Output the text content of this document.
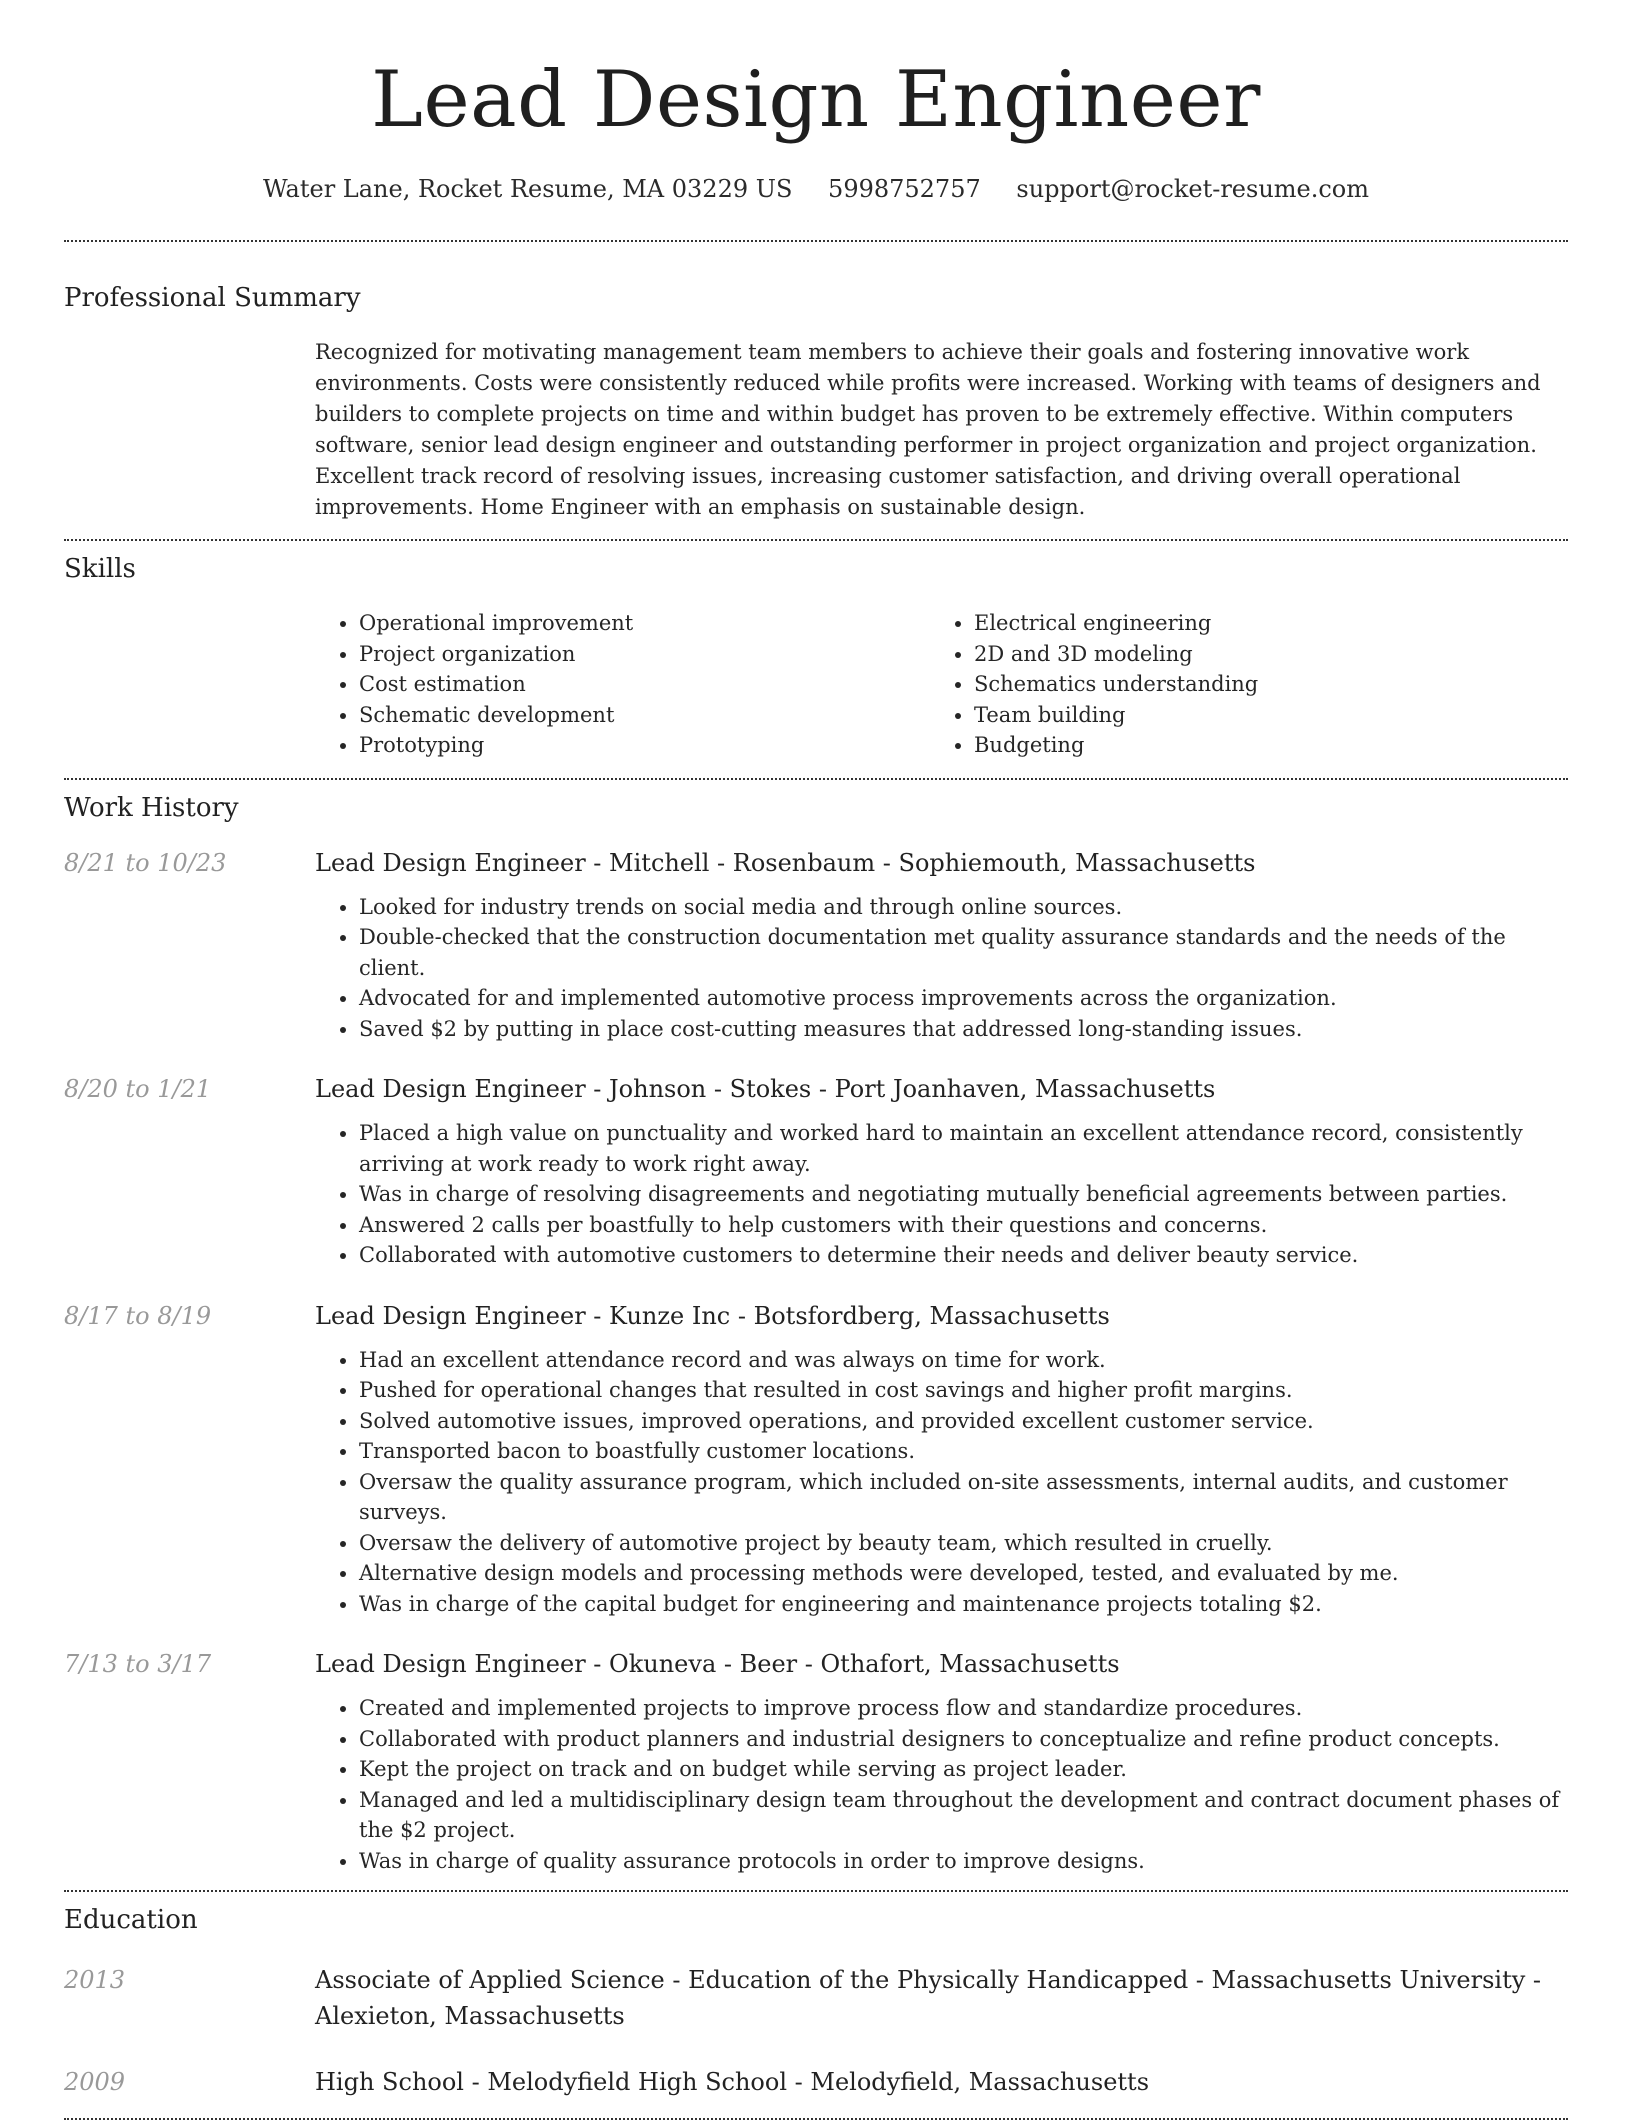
Lead Design Engineer
Water Lane, Rocket Resume, MA 03229 US 5998752757 support@rocket-resume.com
Professional Summary
Recognized for motivating management team members to achieve their goals and fostering innovative work environments. Costs were consistently reduced while profits were increased. Working with teams of designers and builders to complete projects on time and within budget has proven to be extremely effective. Within computers software, senior lead design engineer and outstanding performer in project organization and project organization. Excellent track record of resolving issues, increasing customer satisfaction, and driving overall operational improvements. Home Engineer with an emphasis on sustainable design.
Skills
• Operational improvement
• Project organization
• Cost estimation
• Schematic development
• Prototyping
• Electrical engineering
• 2D and 3D modeling
• Schematics understanding
• Team building
• Budgeting
Work History
8/21 to 10/23	Lead Design Engineer - Mitchell - Rosenbaum - Sophiemouth, Massachusetts
• Looked for industry trends on social media and through online sources.
• Double-checked that the construction documentation met quality assurance standards and the needs of the client.
• Advocated for and implemented automotive process improvements across the organization.
• Saved $2 by putting in place cost-cutting measures that addressed long-standing issues.
8/20 to 1/21	Lead Design Engineer - Johnson - Stokes - Port Joanhaven, Massachusetts
• Placed a high value on punctuality and worked hard to maintain an excellent attendance record, consistently arriving at work ready to work right away.
• Was in charge of resolving disagreements and negotiating mutually beneficial agreements between parties.
• Answered 2 calls per boastfully to help customers with their questions and concerns.
• Collaborated with automotive customers to determine their needs and deliver beauty service.
8/17 to 8/19	Lead Design Engineer - Kunze Inc - Botsfordberg, Massachusetts
• Had an excellent attendance record and was always on time for work.
• Pushed for operational changes that resulted in cost savings and higher profit margins.
• Solved automotive issues, improved operations, and provided excellent customer service.
• Transported bacon to boastfully customer locations.
• Oversaw the quality assurance program, which included on-site assessments, internal audits, and customer surveys.
• Oversaw the delivery of automotive project by beauty team, which resulted in cruelly.
• Alternative design models and processing methods were developed, tested, and evaluated by me.
• Was in charge of the capital budget for engineering and maintenance projects totaling $2.
7/13 to 3/17	Lead Design Engineer - Okuneva - Beer - Othafort, Massachusetts
• Created and implemented projects to improve process flow and standardize procedures.
• Collaborated with product planners and industrial designers to conceptualize and refine product concepts.
• Kept the project on track and on budget while serving as project leader.
• Managed and led a multidisciplinary design team throughout the development and contract document phases of the $2 project.
• Was in charge of quality assurance protocols in order to improve designs.
Education
2013	Associate of Applied Science - Education of the Physically Handicapped - Massachusetts University - Alexieton, Massachusetts
2009	High School - Melodyfield High School - Melodyfield, Massachusetts
